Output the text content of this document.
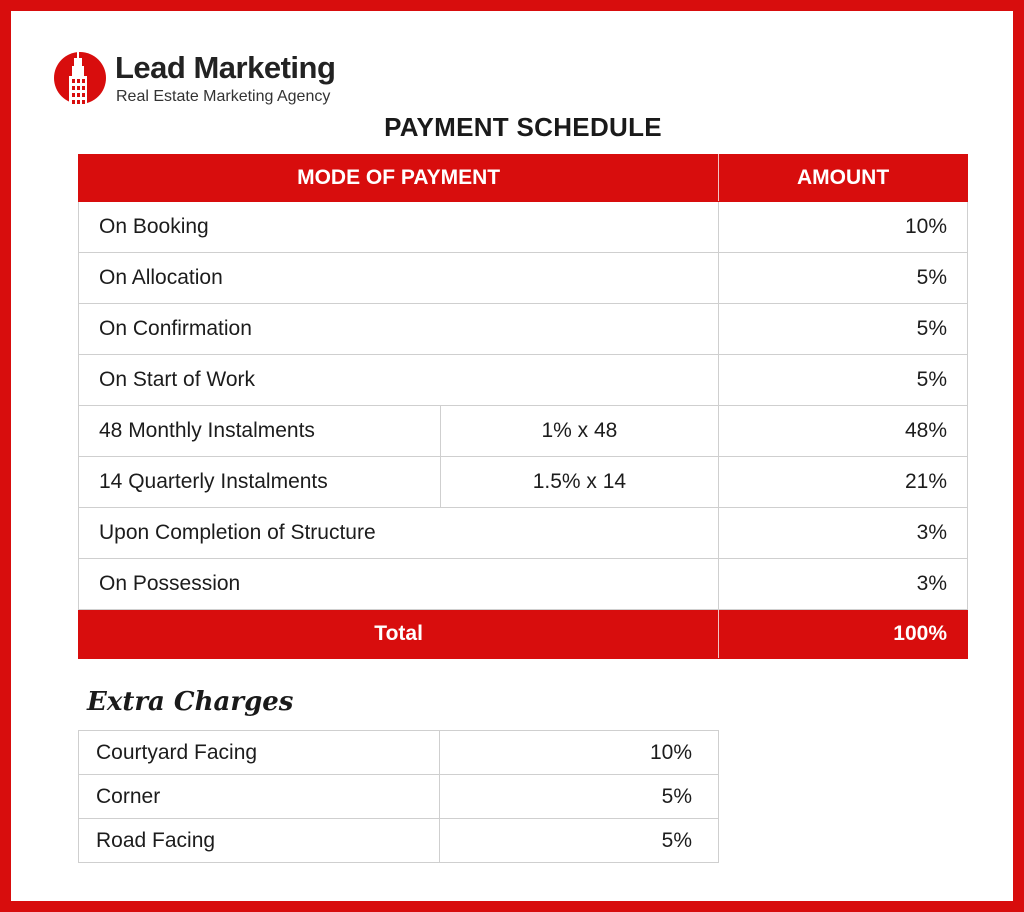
Lead Marketing
Real Estate Marketing Agency
PAYMENT SCHEDULE
MODE OF PAYMENT		AMOUNT
On Booking		10%
On Allocation		5%
On Confirmation		5%
On Start of Work		5%
48 Monthly Instalments	1% x 48	48%
14 Quarterly Instalments	1.5% x 14	21%
Upon Completion of Structure		3%
On Possession		3%
Total		100%
Extra Charges
Courtyard Facing	10%
Corner	5%
Road Facing	5%
